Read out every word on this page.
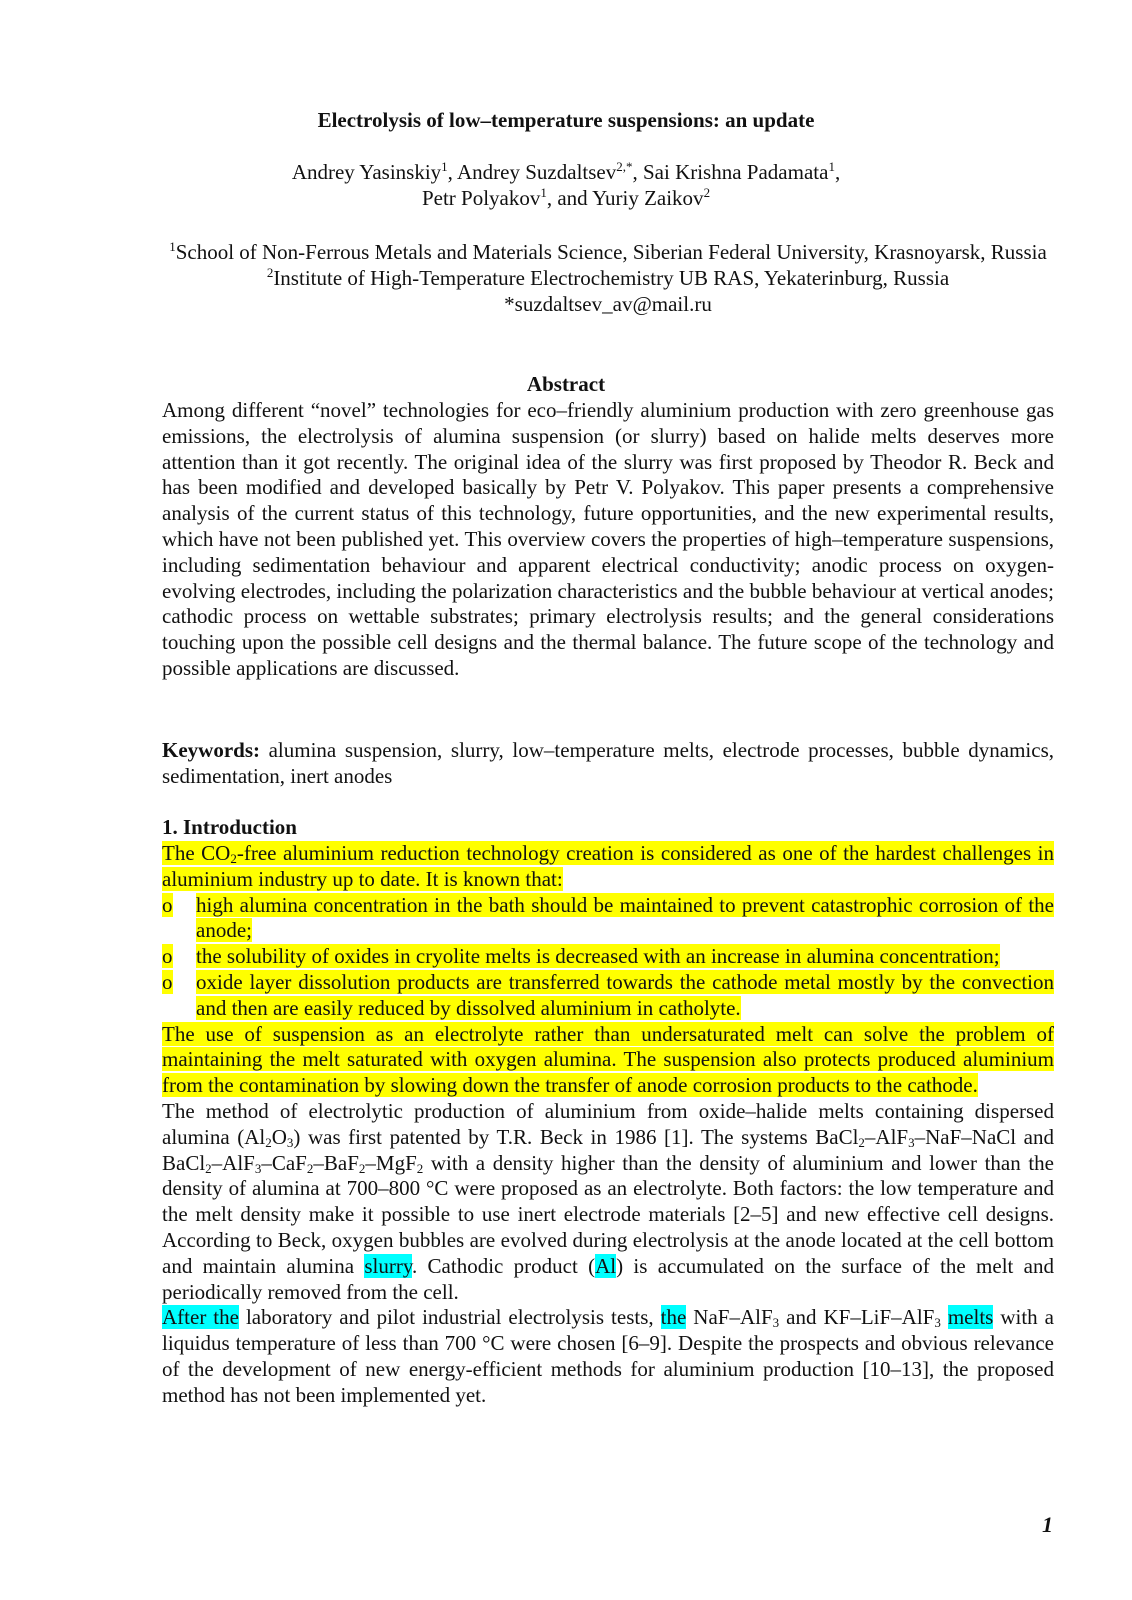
Electrolysis of low–temperature suspensions: an update
Andrey Yasinskiy$^1$, Andrey Suzdaltsev$^{2,*}$, Sai Krishna Padamata$^1$,
Petr Polyakov$^1$, and Yuriy Zaikov$^2$
$^1$School of Non-Ferrous Metals and Materials Science, Siberian Federal University, Krasnoyarsk, Russia
$^2$Institute of High-Temperature Electrochemistry UB RAS, Yekaterinburg, Russia
*suzdaltsev_av@mail.ru
Abstract

Among different “novel” technologies for eco–friendly aluminium production with zero greenhouse gas emissions, the electrolysis of alumina suspension (or slurry) based on halide melts deserves more attention than it got recently. The original idea of the slurry was first proposed by Theodor R. Beck and has been modified and developed basically by Petr V. Polyakov. This paper presents a comprehensive analysis of the current status of this technology, future opportunities, and the new experimental results, which have not been published yet. This overview covers the properties of high–temperature suspensions, including sedimentation behaviour and apparent electrical conductivity; anodic process on oxygen-evolving electrodes, including the polarization characteristics and the bubble behaviour at vertical anodes; cathodic process on wettable substrates; primary electrolysis results; and the general considerations touching upon the possible cell designs and the thermal balance. The future scope of the technology and possible applications are discussed.

Keywords: alumina suspension, slurry, low–temperature melts, electrode processes, bubble dynamics, sedimentation, inert anodes

1. Introduction

The $CO_2$-free aluminium reduction technology creation is considered as one of the hardest challenges in aluminium industry up to date. It is known that:

o	high alumina concentration in the bath should be maintained to prevent catastrophic corrosion of the anode;
o	the solubility of oxides in cryolite melts is decreased with an increase in alumina concentration;
o	oxide layer dissolution products are transferred towards the cathode metal mostly by the convection and then are easily reduced by dissolved aluminium in catholyte.

The use of suspension as an electrolyte rather than undersaturated melt can solve the problem of maintaining the melt saturated with oxygen alumina. The suspension also protects produced aluminium from the contamination by slowing down the transfer of anode corrosion products to the cathode.

The method of electrolytic production of aluminium from oxide–halide melts containing dispersed alumina $(Al_2O_3)$ was first patented by T.R. Beck in 1986 [1]. The systems BaCl$_2$–AlF$_3$–NaF–NaCl and BaCl$_2$–AlF$_3$–CaF$_2$–BaF$_2$–MgF$_2$ with a density higher than the density of aluminium and lower than the density of alumina at 700–800 °C were proposed as an electrolyte. Both factors: the low temperature and the melt density make it possible to use inert electrode materials [2–5] and new effective cell designs. According to Beck, oxygen bubbles are evolved during electrolysis at the anode located at the cell bottom and maintain alumina slurry. Cathodic product (Al) is accumulated on the surface of the melt and periodically removed from the cell.

After the laboratory and pilot industrial electrolysis tests, the NaF–AlF$_3$ and KF–LiF–AlF$_3$ melts with a liquidus temperature of less than 700 °C were chosen [6–9]. Despite the prospects and obvious relevance of the development of new energy-efficient methods for aluminium production [10–13], the proposed method has not been implemented yet.

1
